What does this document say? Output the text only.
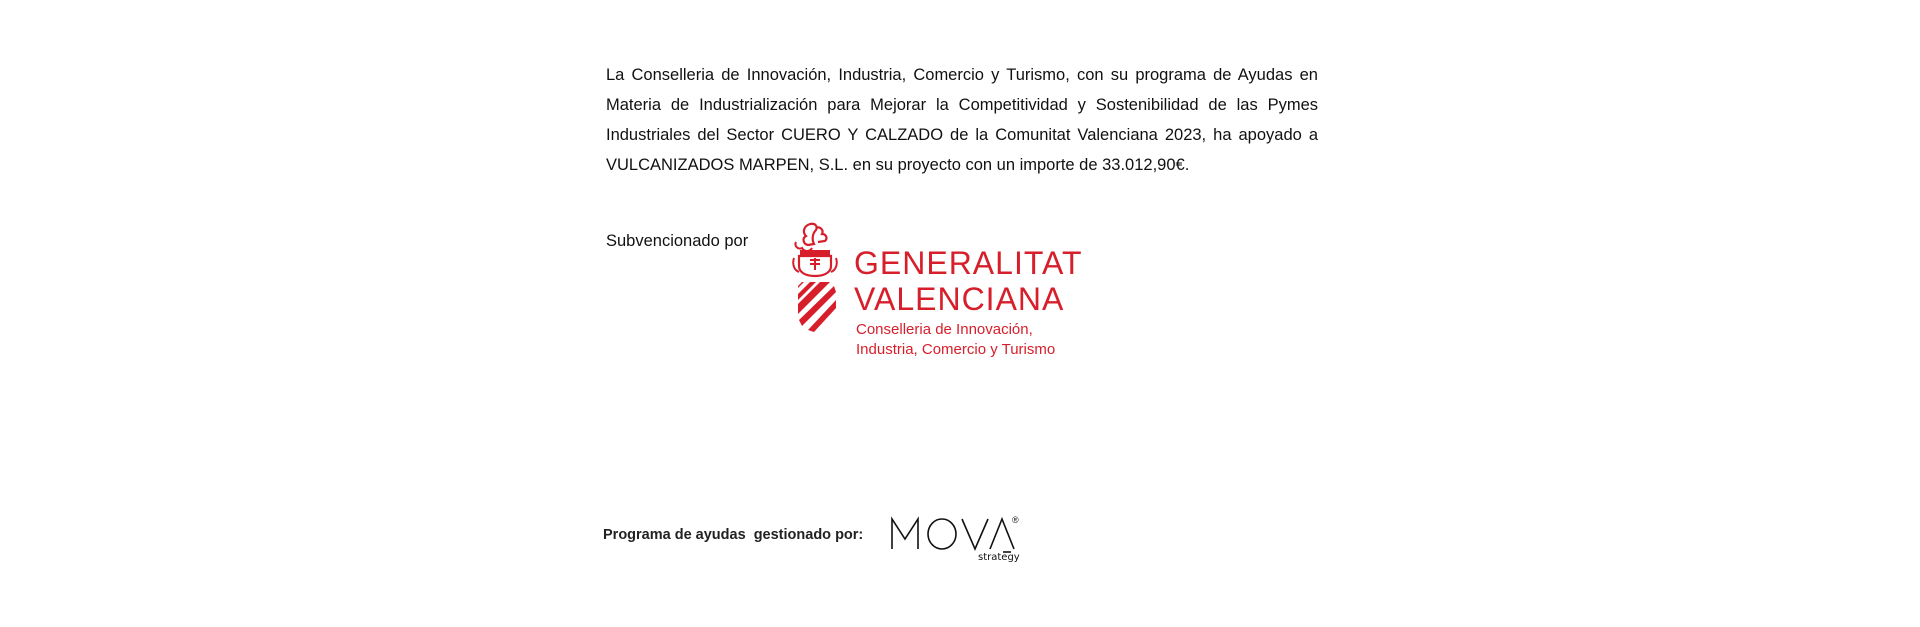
La Conselleria de Innovación, Industria, Comercio y Turismo, con su programa de Ayudas en Materia de Industrialización para Mejorar la Competitividad y Sostenibilidad de las Pymes Industriales del Sector CUERO Y CALZADO de la Comunitat Valenciana 2023, ha apoyado a VULCANIZADOS MARPEN, S.L. en su proyecto con un importe de 33.012,90€.

Subvencionado por
GENERALITAT
VALENCIANA
Conselleria de Innovación,
Industria, Comercio y Turismo
Programa de ayudas  gestionado por:
®
strategy
